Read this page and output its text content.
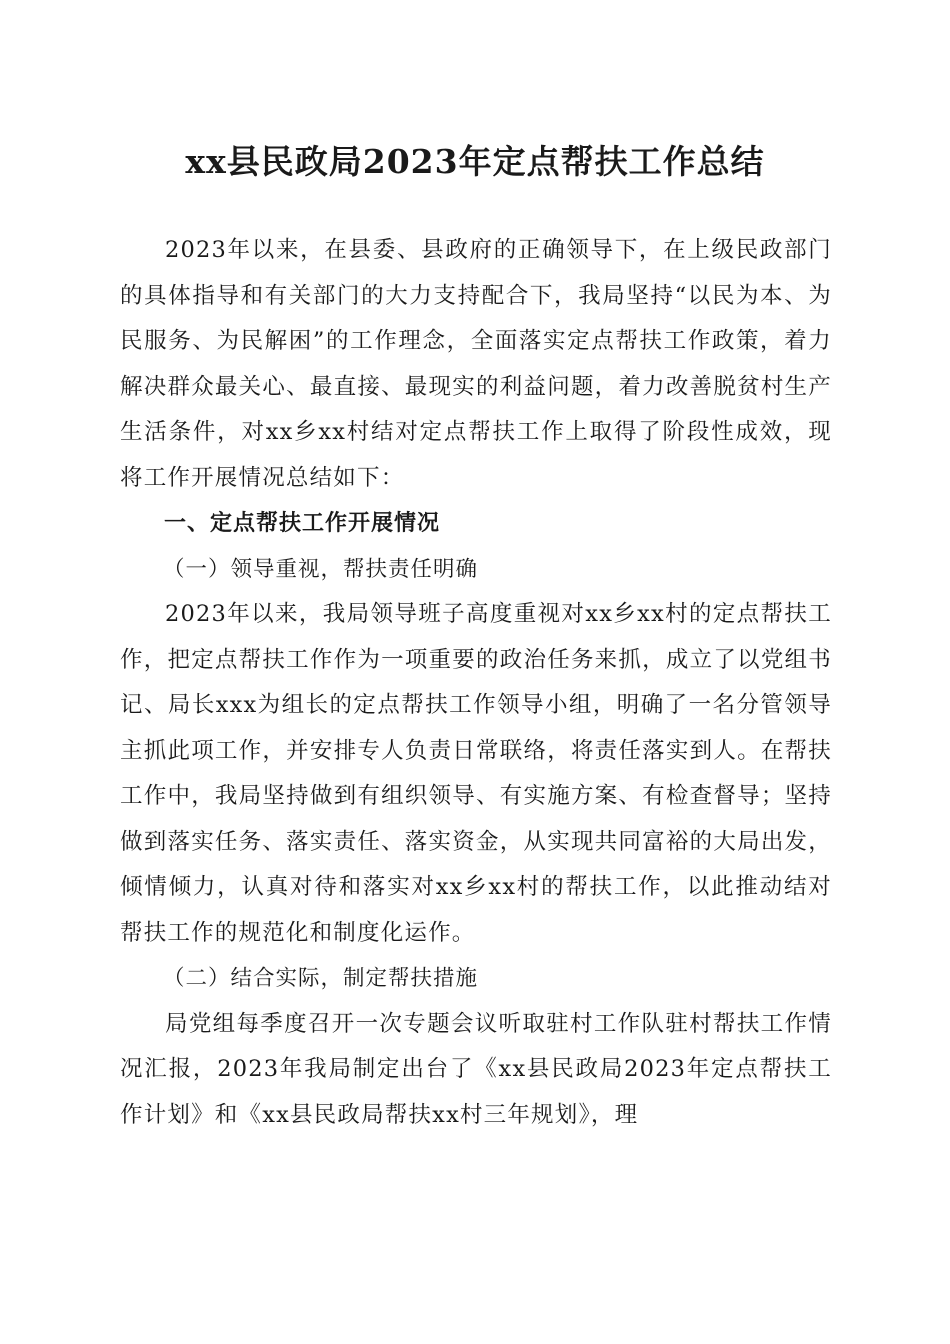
xx县民政局2023年定点帮扶工作总结

2023年以来，在县委、县政府的正确领导下，在上级民政部门的具体指导和有关部门的大力支持配合下，我局坚持“以民为本、为民服务、为民解困”的工作理念，全面落实定点帮扶工作政策，着力解决群众最关心、最直接、最现实的利益问题，着力改善脱贫村生产生活条件，对xx乡xx村结对定点帮扶工作上取得了阶段性成效，现将工作开展情况总结如下：

一、定点帮扶工作开展情况

（一）领导重视，帮扶责任明确

2023年以来，我局领导班子高度重视对xx乡xx村的定点帮扶工作，把定点帮扶工作作为一项重要的政治任务来抓，成立了以党组书记、局长xxx为组长的定点帮扶工作领导小组，明确了一名分管领导主抓此项工作，并安排专人负责日常联络，将责任落实到人。在帮扶工作中，我局坚持做到有组织领导、有实施方案、有检查督导；坚持做到落实任务、落实责任、落实资金，从实现共同富裕的大局出发，倾情倾力，认真对待和落实对xx乡xx村的帮扶工作，以此推动结对帮扶工作的规范化和制度化运作。

（二）结合实际，制定帮扶措施

局党组每季度召开一次专题会议听取驻村工作队驻村帮扶工作情况汇报，2023年我局制定出台了《xx县民政局2023年定点帮扶工作计划》和《xx县民政局帮扶xx村三年规划》，理
